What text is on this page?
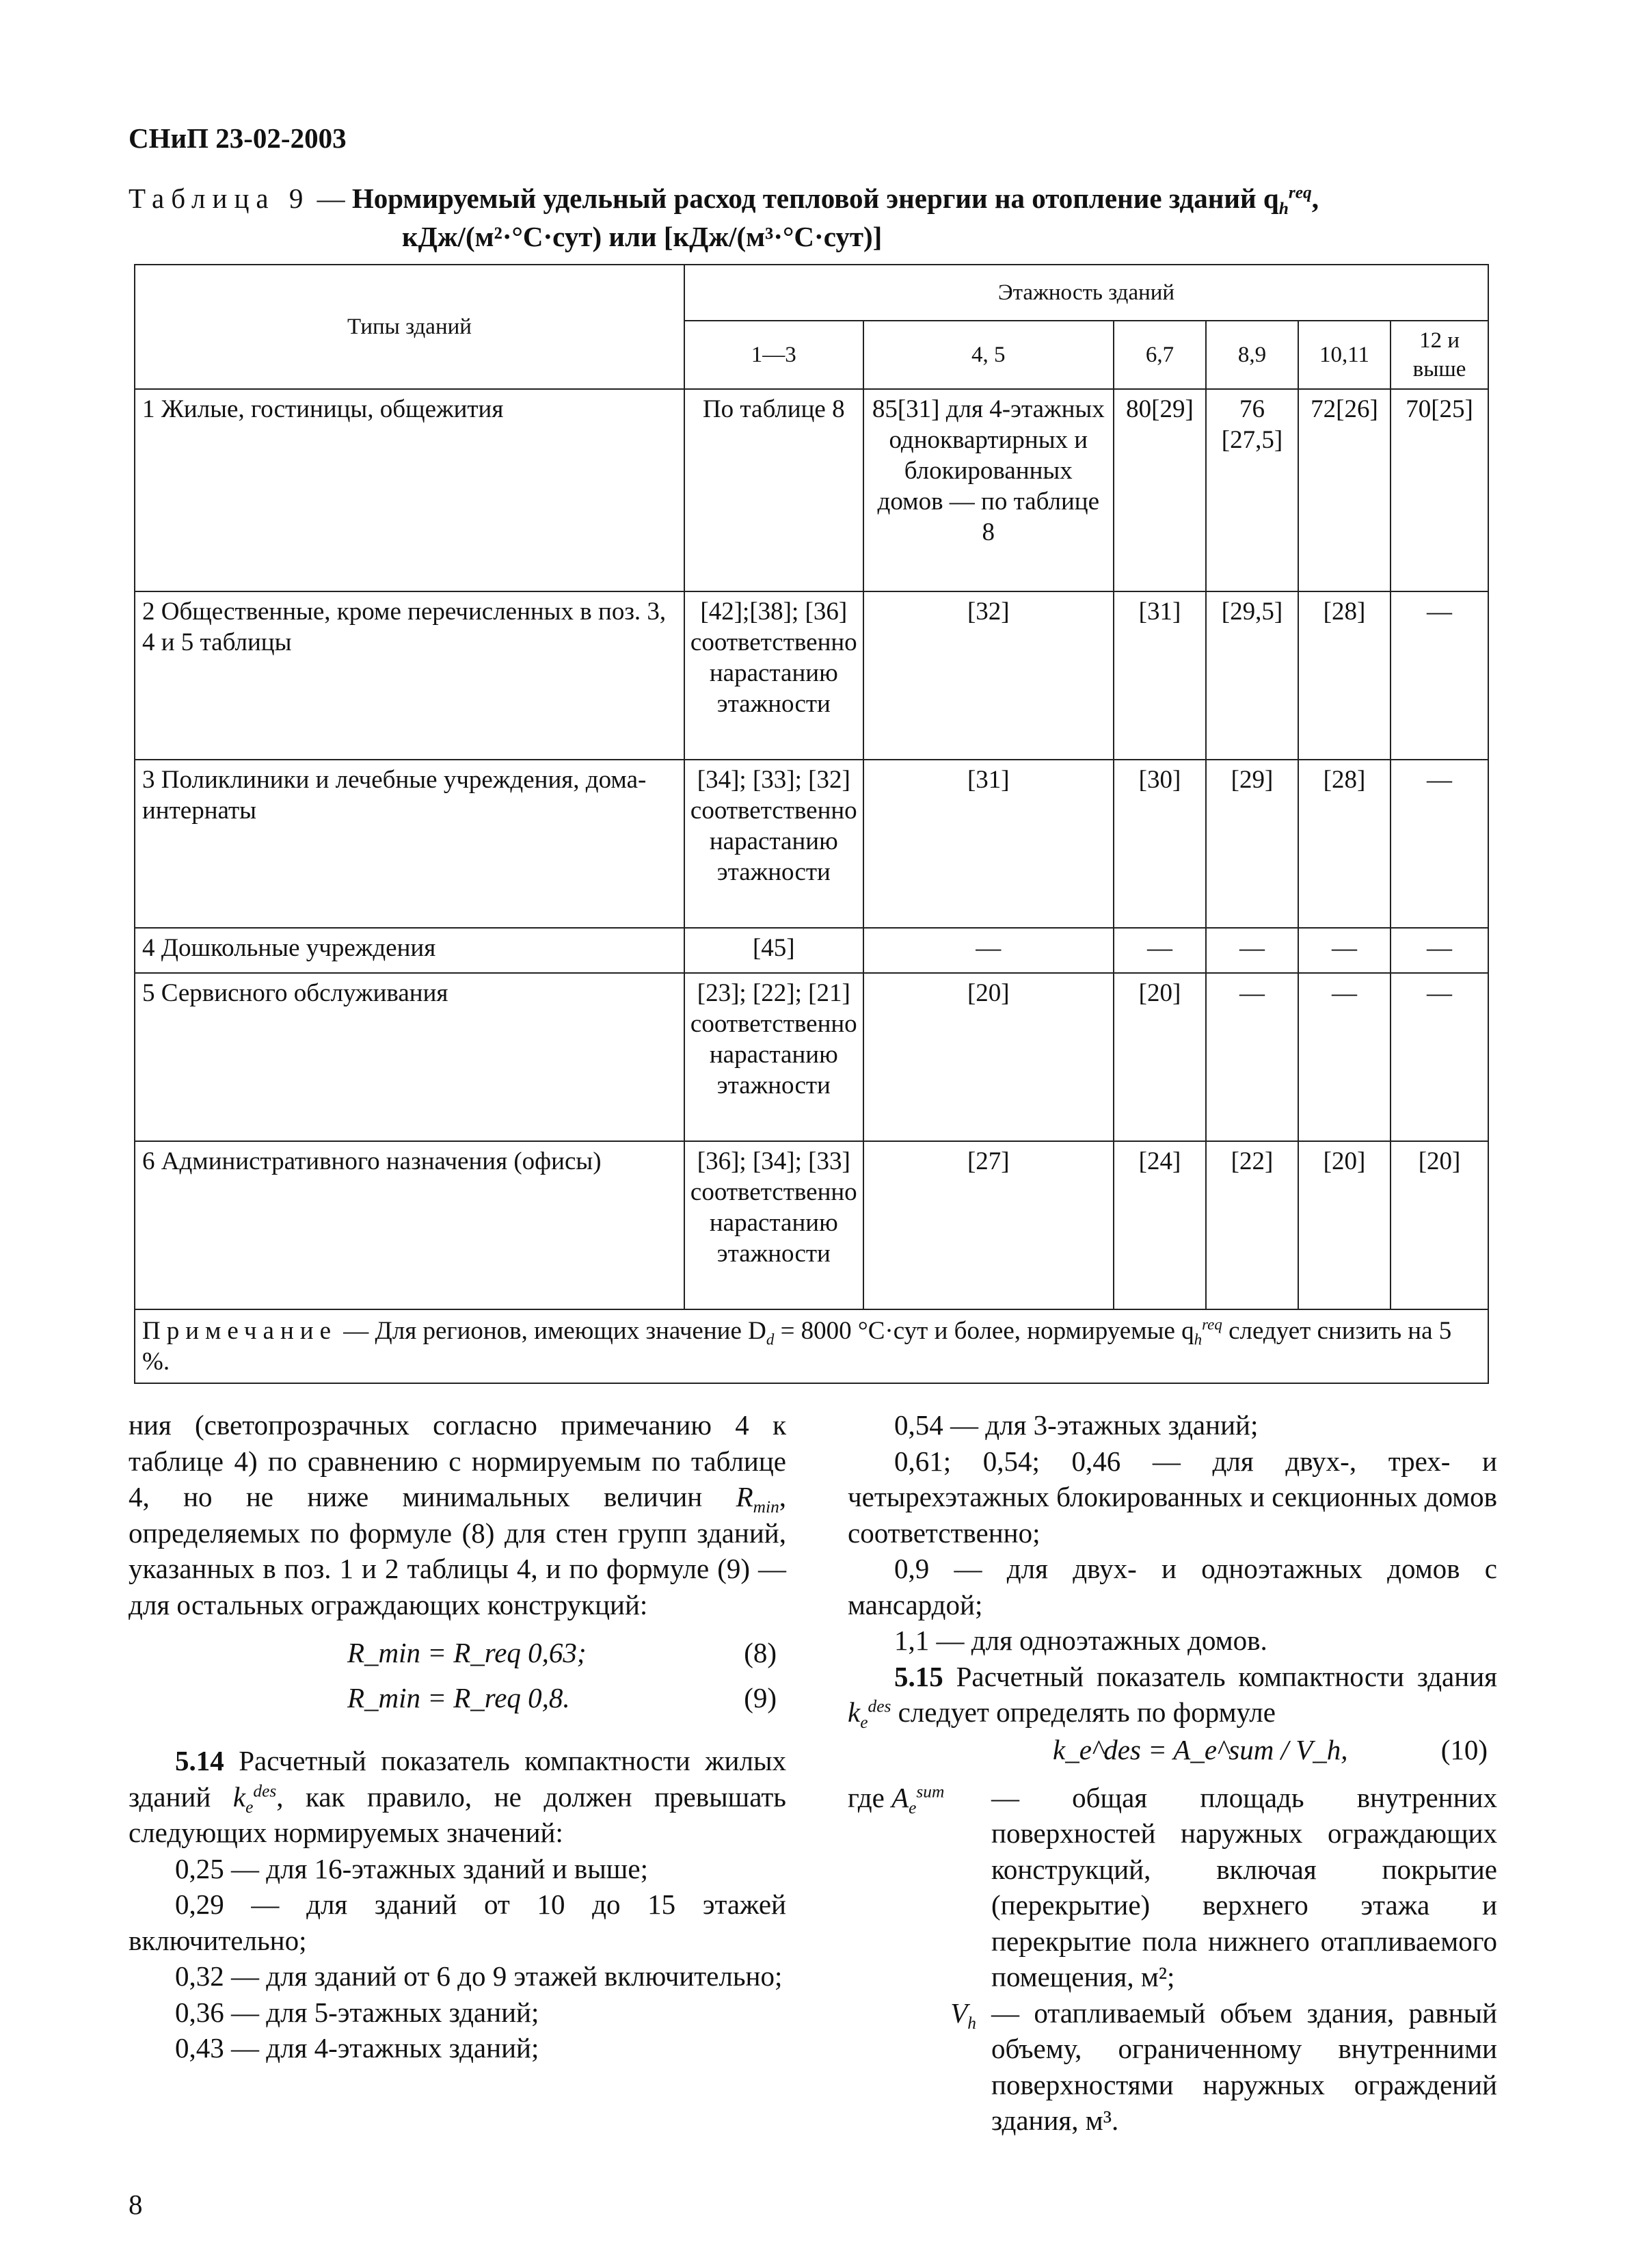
СНиП 23-02-2003
Таблица 9 — Нормируемый удельный расход тепловой энергии на отопление зданий $q_h^{req}$,
кДж/(м²·°С·сут) или [кДж/(м³·°С·сут)]
Типы зданий	Этажность зданий					
	1—3	4, 5	6,7	8,9	10,11	12 и выше
1 Жилые, гостиницы, общежития	По таблице 8	85[31] для 4-этажных одноквартирных и блокированных домов — по таблице 8	80[29]	76 [27,5]	72[26]	70[25]
2 Общественные, кроме перечисленных в поз. 3, 4 и 5 таблицы	[42];[38]; [36] соответственно нарастанию этажности	[32]	[31]	[29,5]	[28]	—
3 Поликлиники и лечебные учреждения, дома-интернаты	[34]; [33]; [32] соответственно нарастанию этажности	[31]	[30]	[29]	[28]	—
4 Дошкольные учреждения	[45]	—	—	—	—	—
5 Сервисного обслуживания	[23]; [22]; [21] соответственно нарастанию этажности	[20]	[20]	—	—	—
6 Административного назначения (офисы)	[36]; [34]; [33] соответственно нарастанию этажности	[27]	[24]	[22]	[20]	[20]
Примечание — Для регионов, имеющих значение $D_d = 8000$ °С·сут и более, нормируемые $q_h^{req}$ следует снизить на 5 %.						

ния (светопрозрачных согласно примечанию 4 к таблице 4) по сравнению с нормируемым по таблице 4, но не ниже минимальных величин $R_{min}$, определяемых по формуле (8) для стен групп зданий, указанных в поз. 1 и 2 таблицы 4, и по формуле (9) — для остальных ограждающих конструкций:

R_min = R_req 0,63;	(8)
R_min = R_req 0,8.	(9)

5.14 Расчетный показатель компактности жилых зданий $k_e^{des}$, как правило, не должен превышать следующих нормируемых значений:

0,25 — для 16-этажных зданий и выше;

0,29 — для зданий от 10 до 15 этажей включительно;

0,32 — для зданий от 6 до 9 этажей включительно;

0,36 — для 5-этажных зданий;

0,43 — для 4-этажных зданий;

0,54 — для 3-этажных зданий;

0,61; 0,54; 0,46 — для двух-, трех- и четырехэтажных блокированных и секционных домов соответственно;

0,9 — для двух- и одноэтажных домов с мансардой;

1,1 — для одноэтажных домов.

5.15 Расчетный показатель компактности здания $k_e^{des}$ следует определять по формуле

k_e^des = A_e^sum / V_h,	(10)
где $A_e^{sum}$	— общая площадь внутренних поверхностей наружных ограждающих конструкций, включая покрытие (перекрытие) верхнего этажа и перекрытие пола нижнего отапливаемого помещения, м²;
$V_h$ — отапливаемый объем здания, равный объему, ограниченному внутренними поверхностями наружных ограждений здания, м³.
8
